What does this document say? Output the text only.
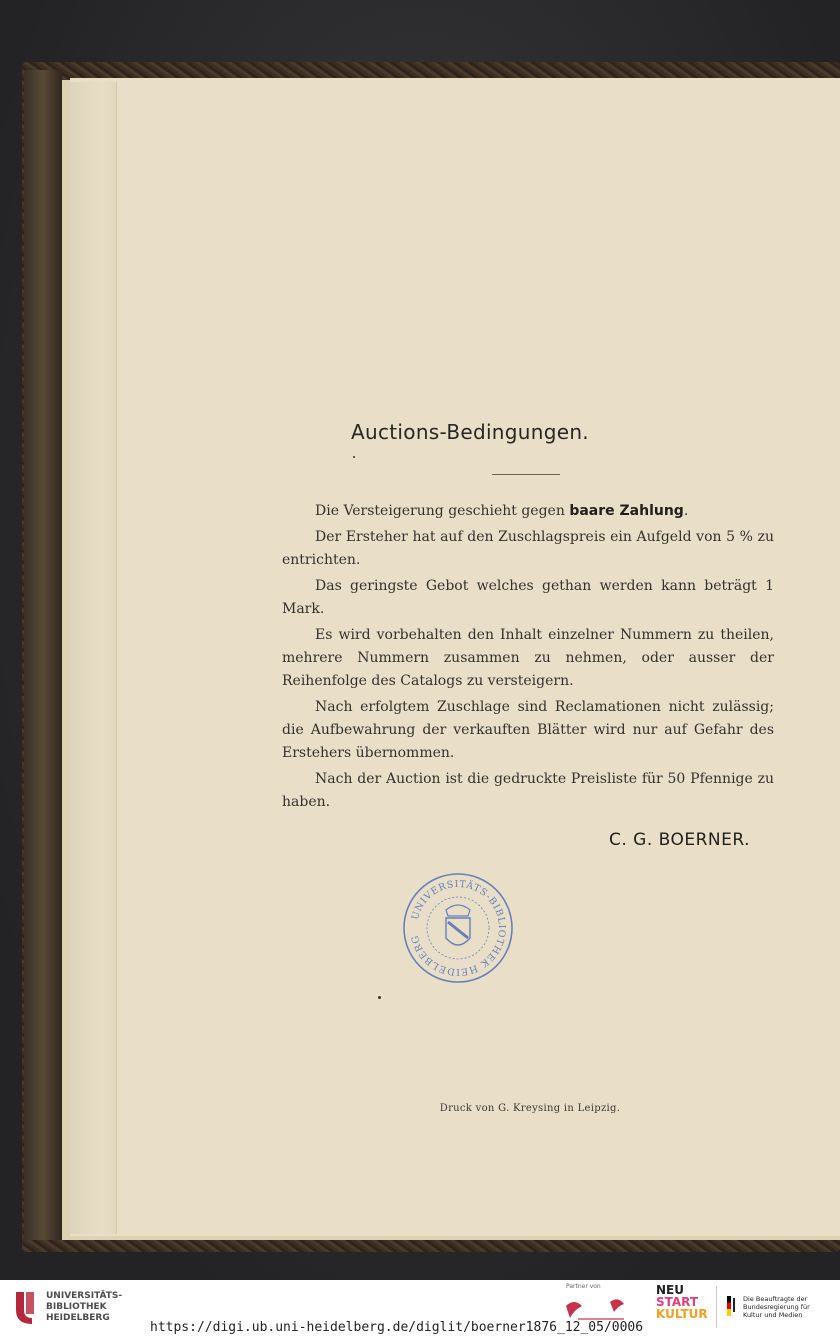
Auctions-Bedingungen.

Die Versteigerung geschieht gegen baare Zahlung.

Der Ersteher hat auf den Zuschlagspreis ein Aufgeld von 5 % zu entrichten.

Das geringste Gebot welches gethan werden kann beträgt 1 Mark.

Es wird vorbehalten den Inhalt einzelner Nummern zu theilen, mehrere Nummern zusammen zu nehmen, oder ausser der Reihenfolge des Catalogs zu versteigern.

Nach erfolgtem Zuschlage sind Reclamationen nicht zulässig; die Aufbewahrung der verkauften Blätter wird nur auf Gefahr des Erstehers übernommen.

Nach der Auction ist die gedruckte Preisliste für 50 Pfennige zu haben.

C. G. BOERNER.
UNIVERSITÄTS-BIBLIOTHEK HEIDELBERG
Druck von G. Kreysing in Leipzig.
UNIVERSITÄTS-
BIBLIOTHEK
HEIDELBERG
https://digi.ub.uni-heidelberg.de/diglit/boerner1876_12_05/0006
Partner von	NEU
START
KULTUR
Die Beauftragte der Bundesregierung für Kultur und Medien
